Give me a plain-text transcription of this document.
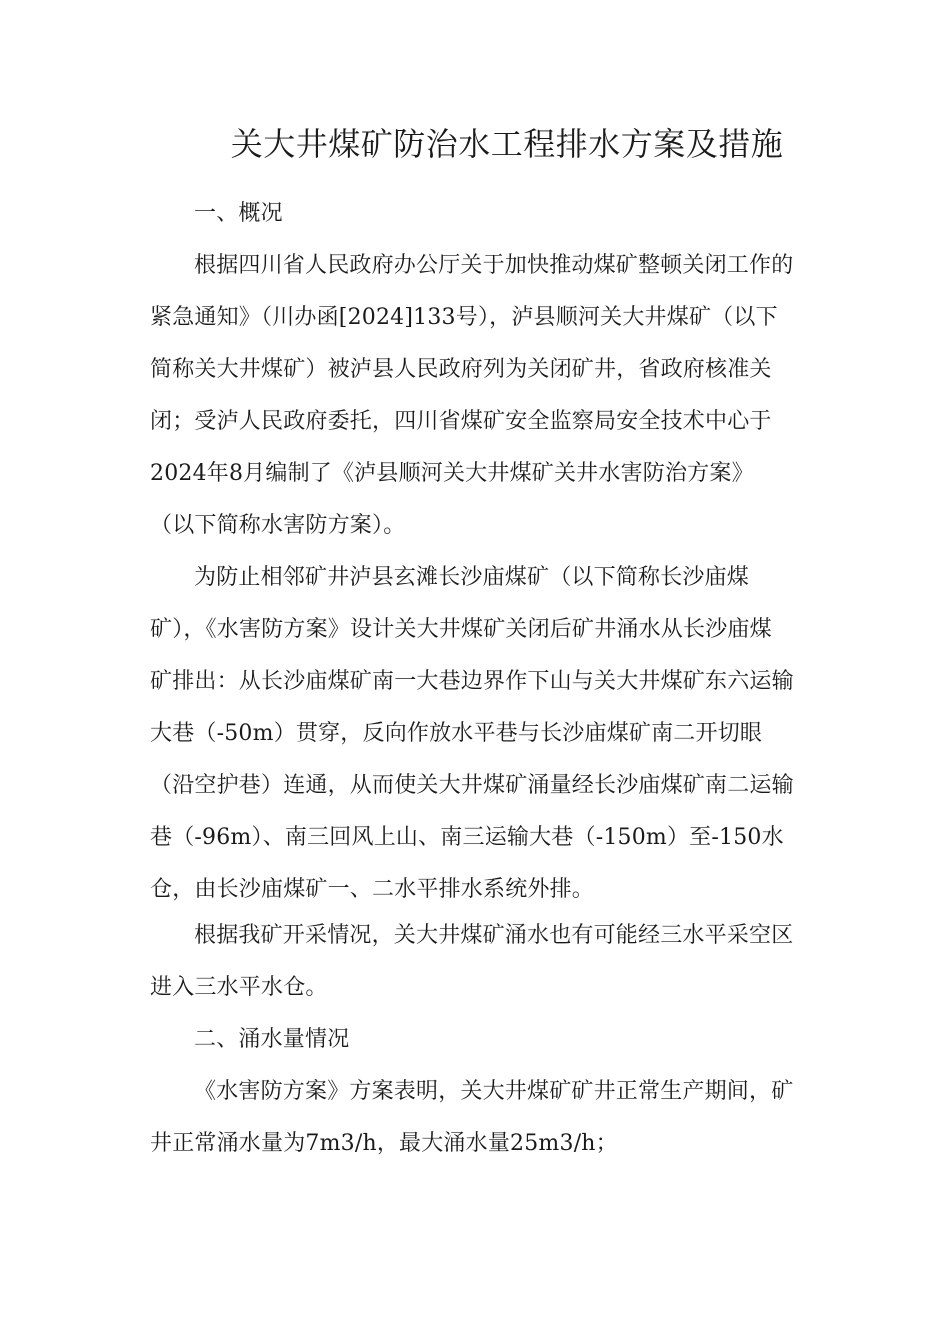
关大井煤矿防治水工程排水方案及措施
一、概况
根据四川省人民政府办公厅关于加快推动煤矿整顿关闭工作的
紧急通知》（川办函[2024]133号），泸县顺河关大井煤矿（以下
简称关大井煤矿）被泸县人民政府列为关闭矿井，省政府核准关
闭；受泸人民政府委托，四川省煤矿安全监察局安全技术中心于
2024年8月编制了《泸县顺河关大井煤矿关井水害防治方案》
（以下简称水害防方案）。
为防止相邻矿井泸县玄滩长沙庙煤矿（以下简称长沙庙煤
矿），《水害防方案》设计关大井煤矿关闭后矿井涌水从长沙庙煤
矿排出：从长沙庙煤矿南一大巷边界作下山与关大井煤矿东六运输
大巷（-50m）贯穿，反向作放水平巷与长沙庙煤矿南二开切眼
（沿空护巷）连通，从而使关大井煤矿涌量经长沙庙煤矿南二运输
巷（-96m）、南三回风上山、南三运输大巷（-150m）至-150水
仓，由长沙庙煤矿一、二水平排水系统外排。
根据我矿开采情况，关大井煤矿涌水也有可能经三水平采空区
进入三水平水仓。
二、涌水量情况
《水害防方案》方案表明，关大井煤矿矿井正常生产期间，矿
井正常涌水量为7m3/h，最大涌水量25m3/h；
